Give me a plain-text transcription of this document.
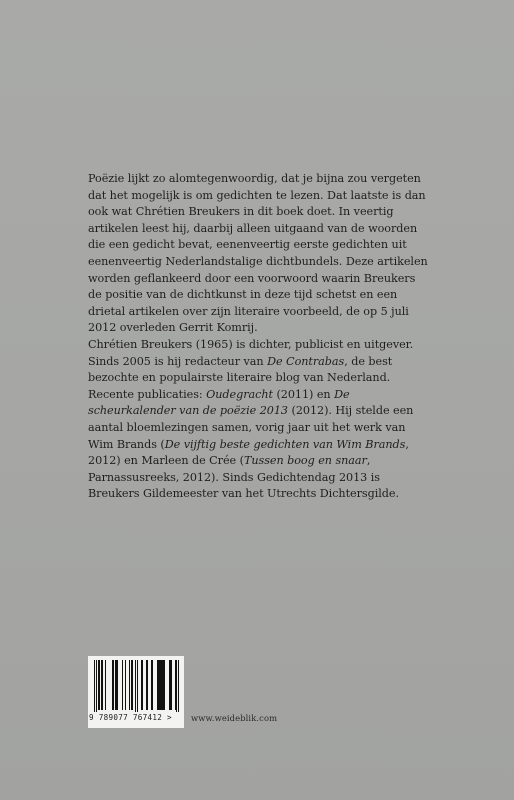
Poëzie lijkt zo alomtegenwoordig, dat je bijna zou vergeten dat het mogelijk is om gedichten te lezen. Dat laatste is dan ook wat Chrétien Breukers in dit boek doet. In veertig artikelen leest hij, daarbij alleen uitgaand van de woorden die een gedicht bevat, eenenveertig eerste gedichten uit eenenveertig Nederlandstalige dichtbundels. Deze artikelen worden geflankeerd door een voorwoord waarin Breukers de positie van de dichtkunst in deze tijd schetst en een drietal artikelen over zijn literaire voorbeeld, de op 5 juli 2012 overleden Gerrit Komrij.

Chrétien Breukers (1965) is dichter, publicist en uitgever. Sinds 2005 is hij redacteur van De Contrabas, de best bezochte en populairste literaire blog van Nederland. Recente publicaties: Oudegracht (2011) en De scheurkalender van de poëzie 2013 (2012). Hij stelde een aantal bloemlezingen samen, vorig jaar uit het werk van Wim Brands (De vijftig beste gedichten van Wim Brands, 2012) en Marleen de Crée (Tussen boog en snaar, Parnassusreeks, 2012). Sinds Gedichtendag 2013 is Breukers Gildemeester van het Utrechts Dichtersgilde.

9 789077 767412 > www.weideblik.com
